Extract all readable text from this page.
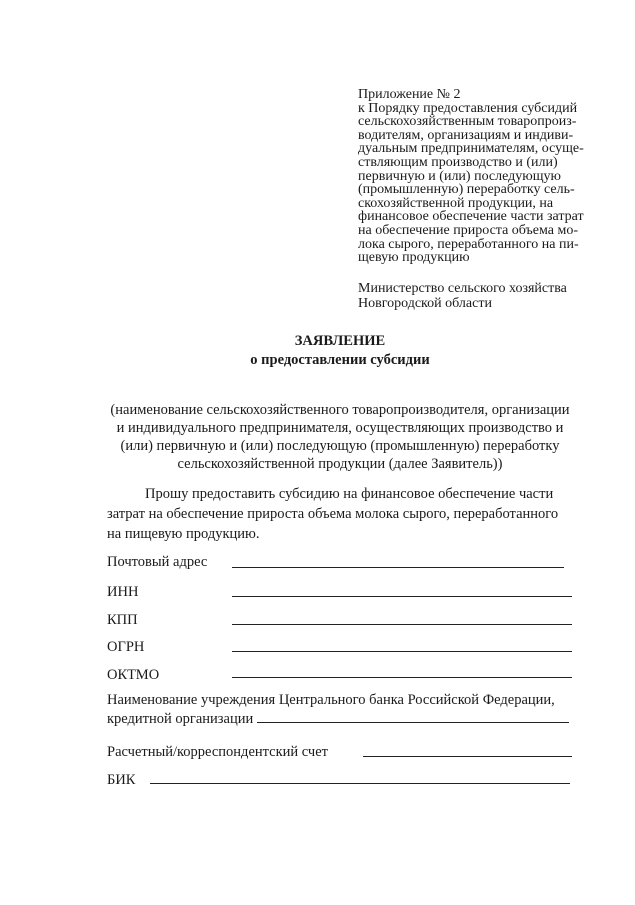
Приложение № 2
к Порядку предоставления субсидий
сельскохозяйственным товаропроиз-
водителям, организациям и индиви-
дуальным предпринимателям, осуще-
ствляющим производство и (или)
первичную и (или) последующую
(промышленную) переработку сель-
скохозяйственной продукции, на
финансовое обеспечение части затрат
на обеспечение прироста объема мо-
лока сырого, переработанного на пи-
щевую продукцию
Министерство сельского хозяйства
Новгородской области
ЗАЯВЛЕНИЕ
о предоставлении субсидии
(наименование сельскохозяйственного товаропроизводителя, организации
и индивидуального предпринимателя, осуществляющих производство и
(или) первичную и (или) последующую (промышленную) переработку
сельскохозяйственной продукции (далее Заявитель))
Прошу предоставить субсидию на финансовое обеспечение части
затрат на обеспечение прироста объема молока сырого, переработанного
на пищевую продукцию.
Почтовый адрес
ИНН
КПП
ОГРН
ОКТМО
Наименование учреждения Центрального банка Российской Федерации,
кредитной организации
Расчетный/корреспондентский счет
БИК
